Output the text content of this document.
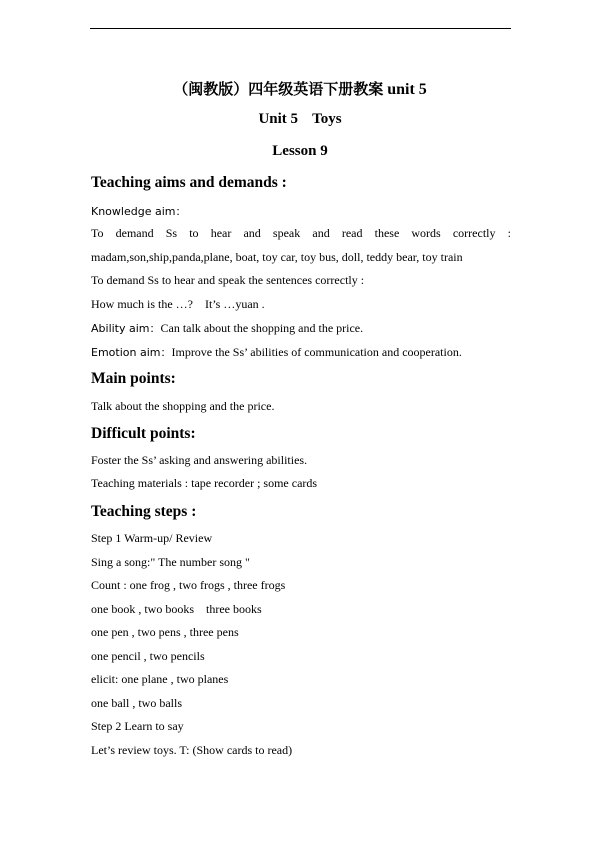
（闽教版）四年级英语下册教案 unit 5
Unit 5 Toys
Lesson 9
Teaching aims and demands :
Knowledge aim：
To demand Ss to hear and speak and read these words correctly :
madam,son,ship,panda,plane, boat, toy car, toy bus, doll, teddy bear, toy train
To demand Ss to hear and speak the sentences correctly :
How much is the …?    It’s …yuan .
Ability aim：Can talk about the shopping and the price.
Emotion aim：Improve the Ss’ abilities of communication and cooperation.
Main points:
Talk about the shopping and the price.
Difficult points:
Foster the Ss’ asking and answering abilities.
Teaching materials : tape recorder ; some cards
Teaching steps :
Step 1 Warm-up/ Review
Sing a song:" The number song "
Count : one frog , two frogs , three frogs
one book , two books    three books
one pen , two pens , three pens
one pencil , two pencils
elicit: one plane , two planes
one ball , two balls
Step 2 Learn to say
Let’s review toys. T: (Show cards to read)
